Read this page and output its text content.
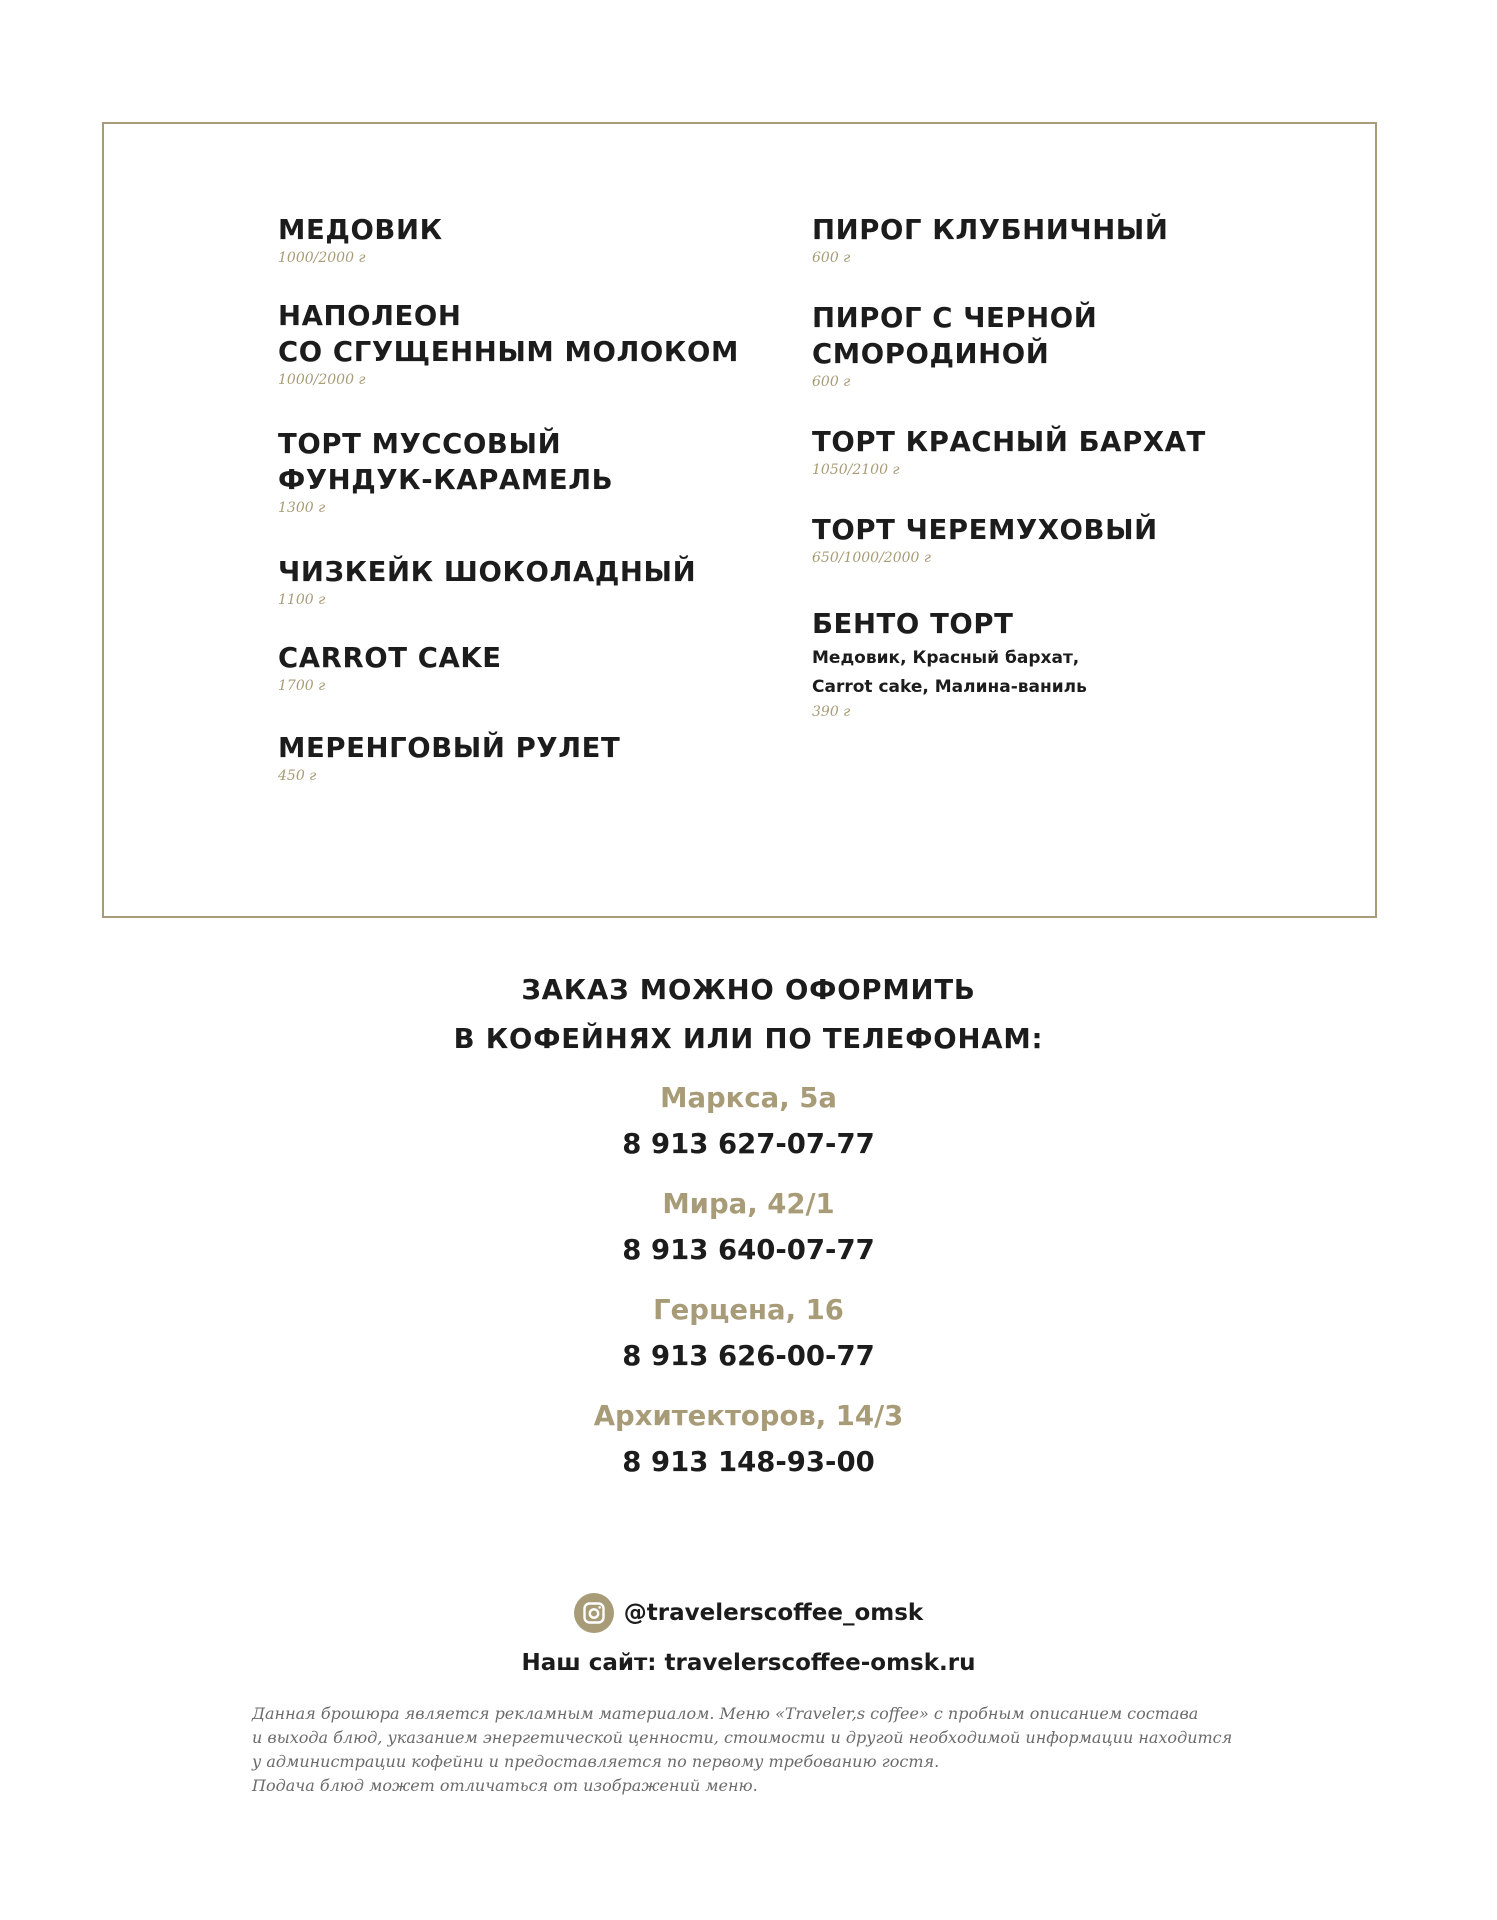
МЕДОВИК
1000/2000 г
НАПОЛЕОН
СО СГУЩЕННЫМ МОЛОКОМ
1000/2000 г
ТОРТ МУССОВЫЙ
ФУНДУК-КАРАМЕЛЬ
1300 г
ЧИЗКЕЙК ШОКОЛАДНЫЙ
1100 г
CARROT CAKE
1700 г
МЕРЕНГОВЫЙ РУЛЕТ
450 г
ПИРОГ КЛУБНИЧНЫЙ
600 г
ПИРОГ С ЧЕРНОЙ
СМОРОДИНОЙ
600 г
ТОРТ КРАСНЫЙ БАРХАТ
1050/2100 г
ТОРТ ЧЕРЕМУХОВЫЙ
650/1000/2000 г
БЕНТО ТОРТ
Медовик, Красный бархат,
Carrot cake, Малина-ваниль
390 г
ЗАКАЗ МОЖНО ОФОРМИТЬ
В КОФЕЙНЯХ ИЛИ ПО ТЕЛЕФОНАМ:
Маркса, 5а
8 913 627-07-77
Мира, 42/1
8 913 640-07-77
Герцена, 16
8 913 626-00-77
Архитекторов, 14/3
8 913 148-93-00
@travelerscoffee_omsk
Наш сайт: travelerscoffee-omsk.ru
Данная брошюра является рекламным материалом. Меню «Traveler,s coffee» с пробным описанием состава
и выхода блюд, указанием энергетической ценности, стоимости и другой необходимой информации находится
у администрации кофейни и предоставляется по первому требованию гостя.
Подача блюд может отличаться от изображений меню.
